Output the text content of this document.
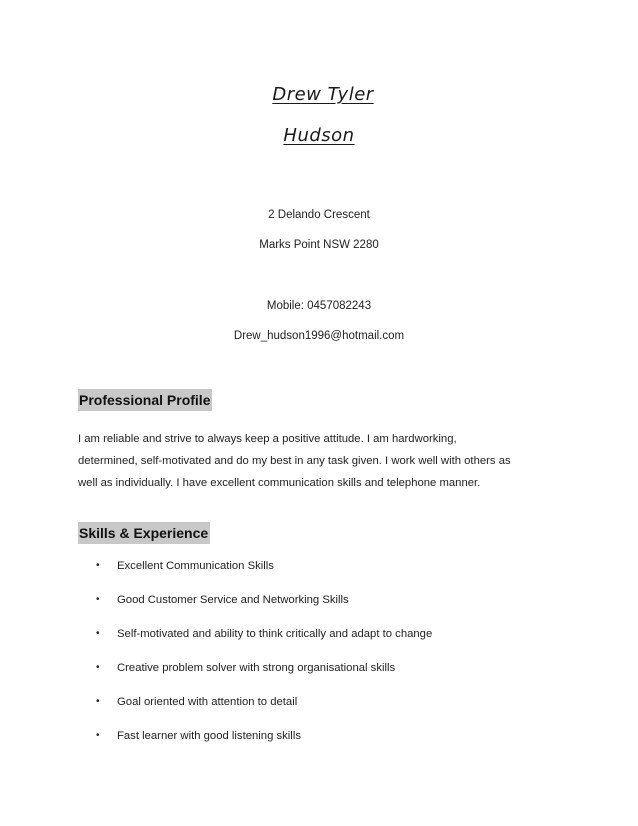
Drew Tyler
Hudson
2 Delando Crescent
Marks Point NSW 2280
Mobile: 0457082243
Drew_hudson1996@hotmail.com
Professional Profile
I am reliable and strive to always keep a positive attitude. I am hardworking,
determined, self-motivated and do my best in any task given. I work well with others as
well as individually. I have excellent communication skills and telephone manner.
Skills & Experience
• Excellent Communication Skills
• Good Customer Service and Networking Skills
• Self-motivated and ability to think critically and adapt to change
• Creative problem solver with strong organisational skills
• Goal oriented with attention to detail
• Fast learner with good listening skills
